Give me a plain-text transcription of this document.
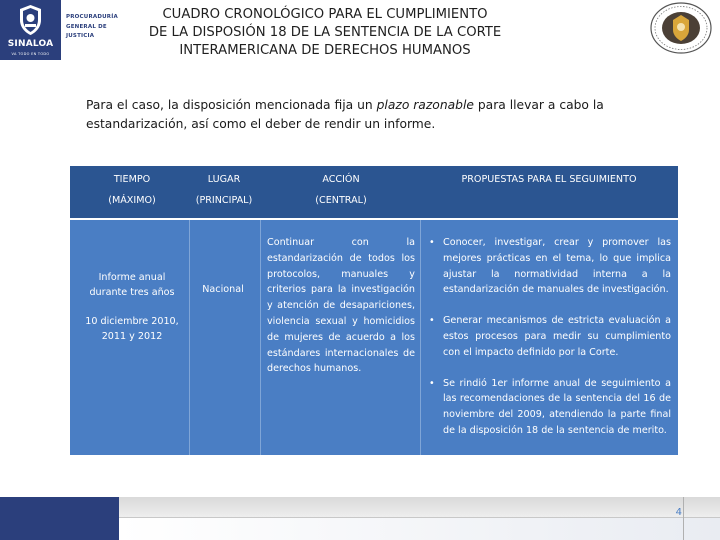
SINALOA
VA TODO EN TODO
PROCURADURÍA
GENERAL DE
JUSTICIA
CUADRO CRONOLÓGICO PARA EL CUMPLIMIENTO
DE LA DISPOSIÓN 18 DE LA SENTENCIA DE LA CORTE
INTERAMERICANA DE DERECHOS HUMANOS
Para el caso, la disposición mencionada fija un plazo razonable para llevar a cabo la estandarización, así como el deber de rendir un informe.
TIEMPO
(MÁXIMO)
LUGAR
(PRINCIPAL)
ACCIÓN
(CENTRAL)
PROPUESTAS PARA EL SEGUIMIENTO
Informe anual
durante tres años
10 diciembre 2010,
2011 y 2012
Nacional
Continuar con la estandarización de todos los protocolos, manuales y criterios para la investigación y atención de desapariciones, violencia sexual y homicidios de mujeres de acuerdo a los estándares internacionales de derechos humanos.
• Conocer, investigar, crear y promover las mejores prácticas en el tema, lo que implica ajustar la normatividad interna a la estandarización de manuales de investigación.
• Generar mecanismos de estricta evaluación a estos procesos para medir su cumplimiento con el impacto definido por la Corte.
• Se rindió 1er informe anual de seguimiento a las recomendaciones de la sentencia del 16 de noviembre del 2009, atendiendo la parte final de la disposición 18 de la sentencia de merito.
4
